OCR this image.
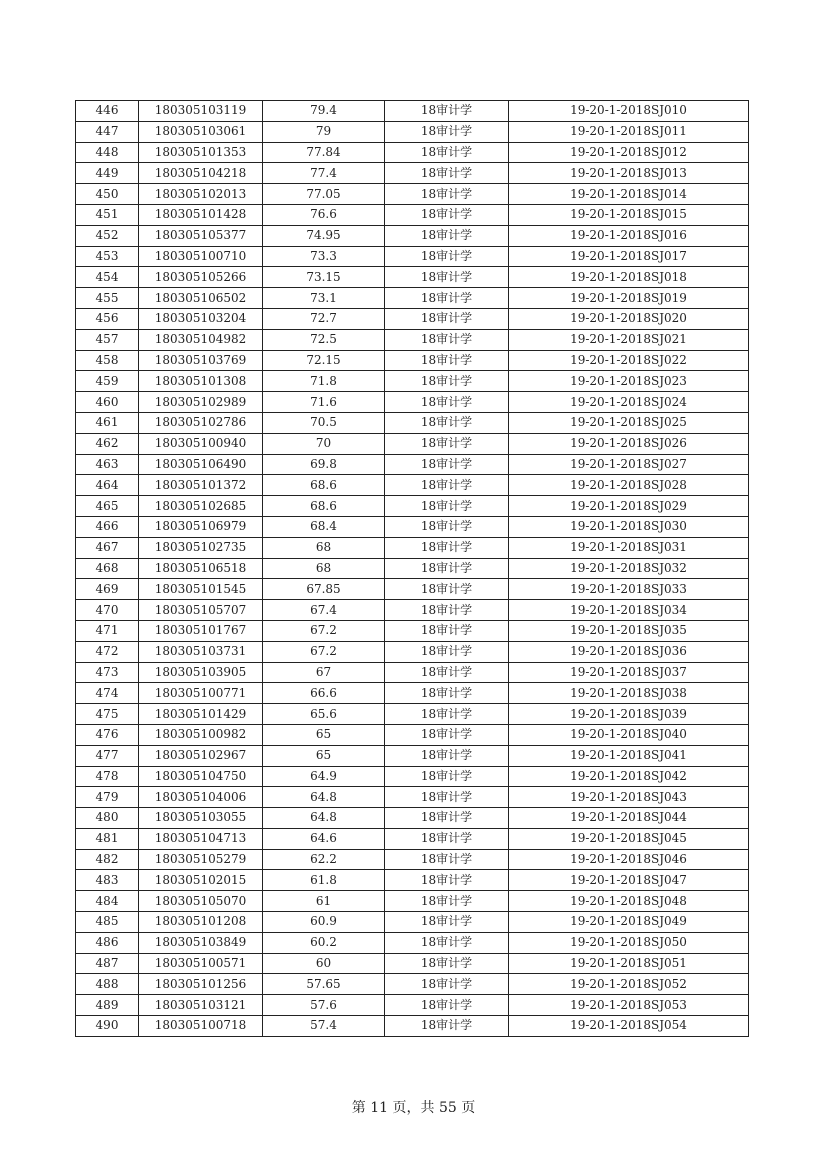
446	180305103119	79.4	18审计学	19-20-1-2018SJ010
447	180305103061	79	18审计学	19-20-1-2018SJ011
448	180305101353	77.84	18审计学	19-20-1-2018SJ012
449	180305104218	77.4	18审计学	19-20-1-2018SJ013
450	180305102013	77.05	18审计学	19-20-1-2018SJ014
451	180305101428	76.6	18审计学	19-20-1-2018SJ015
452	180305105377	74.95	18审计学	19-20-1-2018SJ016
453	180305100710	73.3	18审计学	19-20-1-2018SJ017
454	180305105266	73.15	18审计学	19-20-1-2018SJ018
455	180305106502	73.1	18审计学	19-20-1-2018SJ019
456	180305103204	72.7	18审计学	19-20-1-2018SJ020
457	180305104982	72.5	18审计学	19-20-1-2018SJ021
458	180305103769	72.15	18审计学	19-20-1-2018SJ022
459	180305101308	71.8	18审计学	19-20-1-2018SJ023
460	180305102989	71.6	18审计学	19-20-1-2018SJ024
461	180305102786	70.5	18审计学	19-20-1-2018SJ025
462	180305100940	70	18审计学	19-20-1-2018SJ026
463	180305106490	69.8	18审计学	19-20-1-2018SJ027
464	180305101372	68.6	18审计学	19-20-1-2018SJ028
465	180305102685	68.6	18审计学	19-20-1-2018SJ029
466	180305106979	68.4	18审计学	19-20-1-2018SJ030
467	180305102735	68	18审计学	19-20-1-2018SJ031
468	180305106518	68	18审计学	19-20-1-2018SJ032
469	180305101545	67.85	18审计学	19-20-1-2018SJ033
470	180305105707	67.4	18审计学	19-20-1-2018SJ034
471	180305101767	67.2	18审计学	19-20-1-2018SJ035
472	180305103731	67.2	18审计学	19-20-1-2018SJ036
473	180305103905	67	18审计学	19-20-1-2018SJ037
474	180305100771	66.6	18审计学	19-20-1-2018SJ038
475	180305101429	65.6	18审计学	19-20-1-2018SJ039
476	180305100982	65	18审计学	19-20-1-2018SJ040
477	180305102967	65	18审计学	19-20-1-2018SJ041
478	180305104750	64.9	18审计学	19-20-1-2018SJ042
479	180305104006	64.8	18审计学	19-20-1-2018SJ043
480	180305103055	64.8	18审计学	19-20-1-2018SJ044
481	180305104713	64.6	18审计学	19-20-1-2018SJ045
482	180305105279	62.2	18审计学	19-20-1-2018SJ046
483	180305102015	61.8	18审计学	19-20-1-2018SJ047
484	180305105070	61	18审计学	19-20-1-2018SJ048
485	180305101208	60.9	18审计学	19-20-1-2018SJ049
486	180305103849	60.2	18审计学	19-20-1-2018SJ050
487	180305100571	60	18审计学	19-20-1-2018SJ051
488	180305101256	57.65	18审计学	19-20-1-2018SJ052
489	180305103121	57.6	18审计学	19-20-1-2018SJ053
490	180305100718	57.4	18审计学	19-20-1-2018SJ054
第 11 页，共 55 页
